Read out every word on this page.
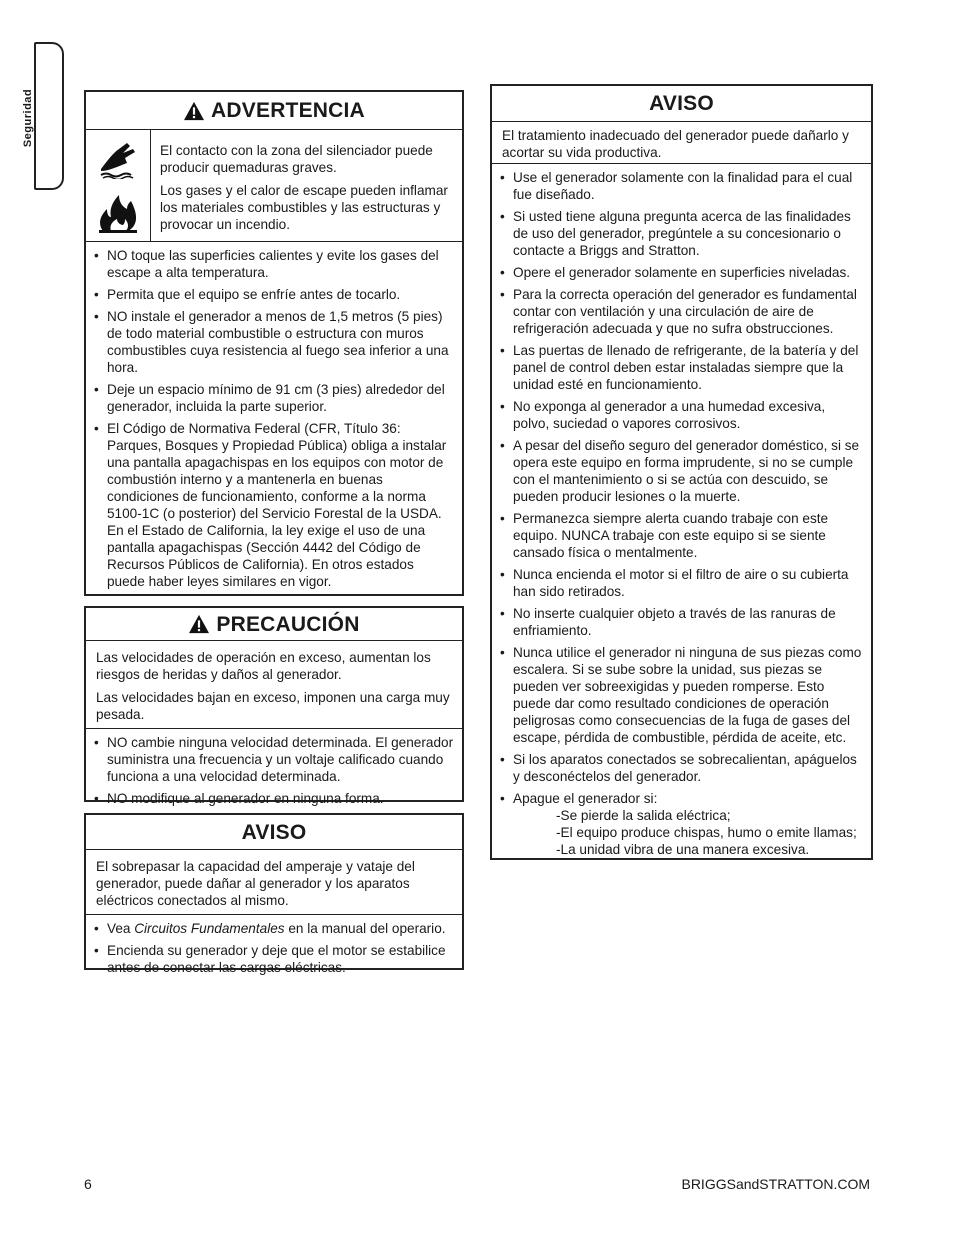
Seguridad	ADVERTENCIA

El contacto con la zona del silenciador puede producir quemaduras graves.

Los gases y el calor de escape pueden inflamar los materiales combustibles y las estructuras y provocar un incendio.

• NO toque las superficies calientes y evite los gases del escape a alta temperatura.
• Permita que el equipo se enfríe antes de tocarlo.
• NO instale el generador a menos de 1,5 metros (5 pies) de todo material combustible o estructura con muros combustibles cuya resistencia al fuego sea inferior a una hora.
• Deje un espacio mínimo de 91 cm (3 pies) alrededor del generador, incluida la parte superior.
• El Código de Normativa Federal (CFR, Título 36: Parques, Bosques y Propiedad Pública) obliga a instalar una pantalla apagachispas en los equipos con motor de combustión interno y a mantenerla en buenas condiciones de funcionamiento, conforme a la norma 5100-1C (o posterior) del Servicio Forestal de la USDA. En el Estado de California, la ley exige el uso de una pantalla apagachispas (Sección 4442 del Código de Recursos Públicos de California). En otros estados puede haber leyes similares en vigor.
PRECAUCIÓN

Las velocidades de operación en exceso, aumentan los riesgos de heridas y daños al generador.

Las velocidades bajan en exceso, imponen una carga muy pesada.

• NO cambie ninguna velocidad determinada. El generador suministra una frecuencia y un voltaje calificado cuando funciona a una velocidad determinada.
• NO modifique al generador en ninguna forma.
AVISO

El sobrepasar la capacidad del amperaje y vataje del generador, puede dañar al generador y los aparatos eléctricos conectados al mismo.

• Vea Circuitos Fundamentales en la manual del operario.
• Encienda su generador y deje que el motor se estabilice antes de conectar las cargas eléctricas.
AVISO

El tratamiento inadecuado del generador puede dañarlo y acortar su vida productiva.

• Use el generador solamente con la finalidad para el cual fue diseñado.
• Si usted tiene alguna pregunta acerca de las finalidades de uso del generador, pregúntele a su concesionario o contacte a Briggs and Stratton.
• Opere el generador solamente en superficies niveladas.
• Para la correcta operación del generador es fundamental contar con ventilación y una circulación de aire de refrigeración adecuada y que no sufra obstrucciones.
• Las puertas de llenado de refrigerante, de la batería y del panel de control deben estar instaladas siempre que la unidad esté en funcionamiento.
• No exponga al generador a una humedad excesiva, polvo, suciedad o vapores corrosivos.
• A pesar del diseño seguro del generador doméstico, si se opera este equipo en forma imprudente, si no se cumple con el mantenimiento o si se actúa con descuido, se pueden producir lesiones o la muerte.
• Permanezca siempre alerta cuando trabaje con este equipo. NUNCA trabaje con este equipo si se siente cansado física o mentalmente.
• Nunca encienda el motor si el filtro de aire o su cubierta han sido retirados.
• No inserte cualquier objeto a través de las ranuras de enfriamiento.
• Nunca utilice el generador ni ninguna de sus piezas como escalera. Si se sube sobre la unidad, sus piezas se pueden ver sobreexigidas y pueden romperse. Esto puede dar como resultado condiciones de operación peligrosas como consecuencias de la fuga de gases del escape, pérdida de combustible, pérdida de aceite, etc.
• Si los aparatos conectados se sobrecalientan, apáguelos y desconéctelos del generador.
• Apague el generador si:
-Se pierde la salida eléctrica;
-El equipo produce chispas, humo o emite llamas;
-La unidad vibra de una manera excesiva.
6	BRIGGSandSTRATTON.COM
